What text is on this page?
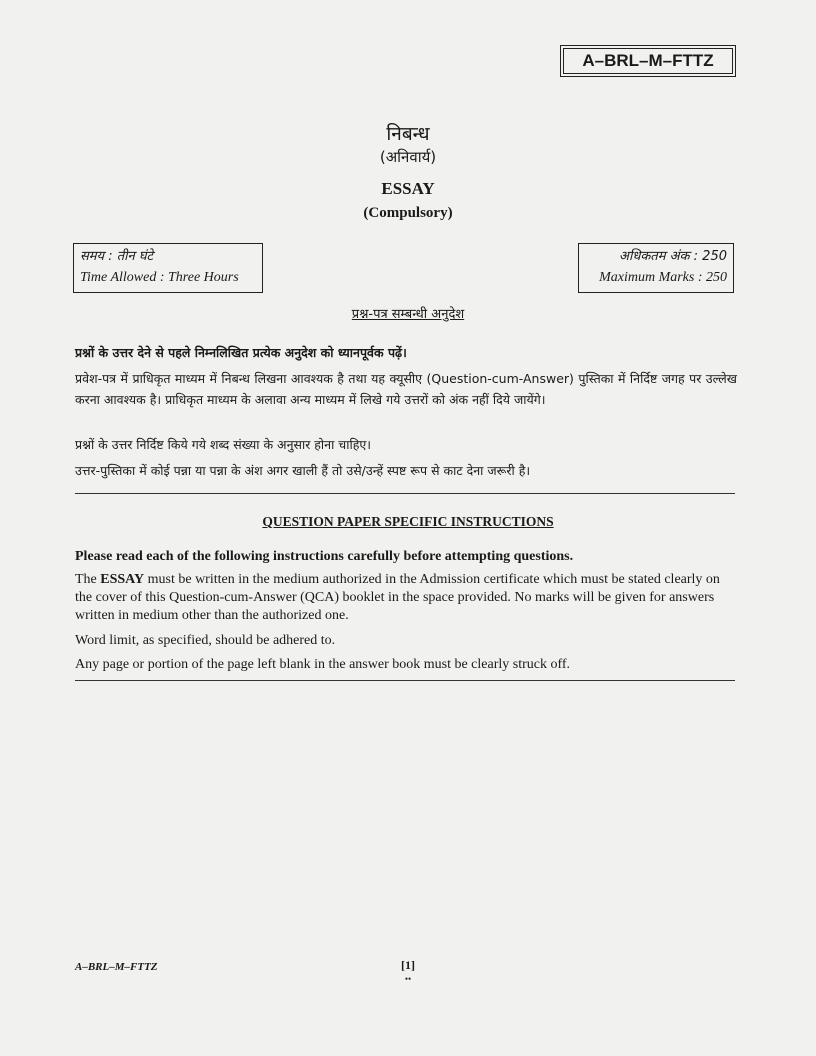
A–BRL–M–FTTZ
निबन्ध
(अनिवार्य)
ESSAY
(Compulsory)
समय : तीन घंटे
Time Allowed : Three Hours
अधिकतम अंक : 250
Maximum Marks : 250
प्रश्न-पत्र सम्बन्धी अनुदेश
प्रश्नों के उत्तर देने से पहले निम्नलिखित प्रत्येक अनुदेश को ध्यानपूर्वक पढ़ें।
प्रवेश-पत्र में प्राधिकृत माध्यम में निबन्ध लिखना आवश्यक है तथा यह क्यूसीए (Question-cum-Answer) पुस्तिका में निर्दिष्ट जगह पर उल्लेख करना आवश्यक है। प्राधिकृत माध्यम के अलावा अन्य माध्यम में लिखे गये उत्तरों को अंक नहीं दिये जायेंगे।
प्रश्नों के उत्तर निर्दिष्ट किये गये शब्द संख्या के अनुसार होना चाहिए।
उत्तर-पुस्तिका में कोई पन्ना या पन्ना के अंश अगर खाली हैं तो उसे/उन्हें स्पष्ट रूप से काट देना जरूरी है।
QUESTION PAPER SPECIFIC INSTRUCTIONS
Please read each of the following instructions carefully before attempting questions.
The ESSAY must be written in the medium authorized in the Admission certificate which must be stated clearly on the cover of this Question-cum-Answer (QCA) booklet in the space provided. No marks will be given for answers written in medium other than the authorized one.
Word limit, as specified, should be adhered to.
Any page or portion of the page left blank in the answer book must be clearly struck off.
A–BRL–M–FTTZ	[1]
••
